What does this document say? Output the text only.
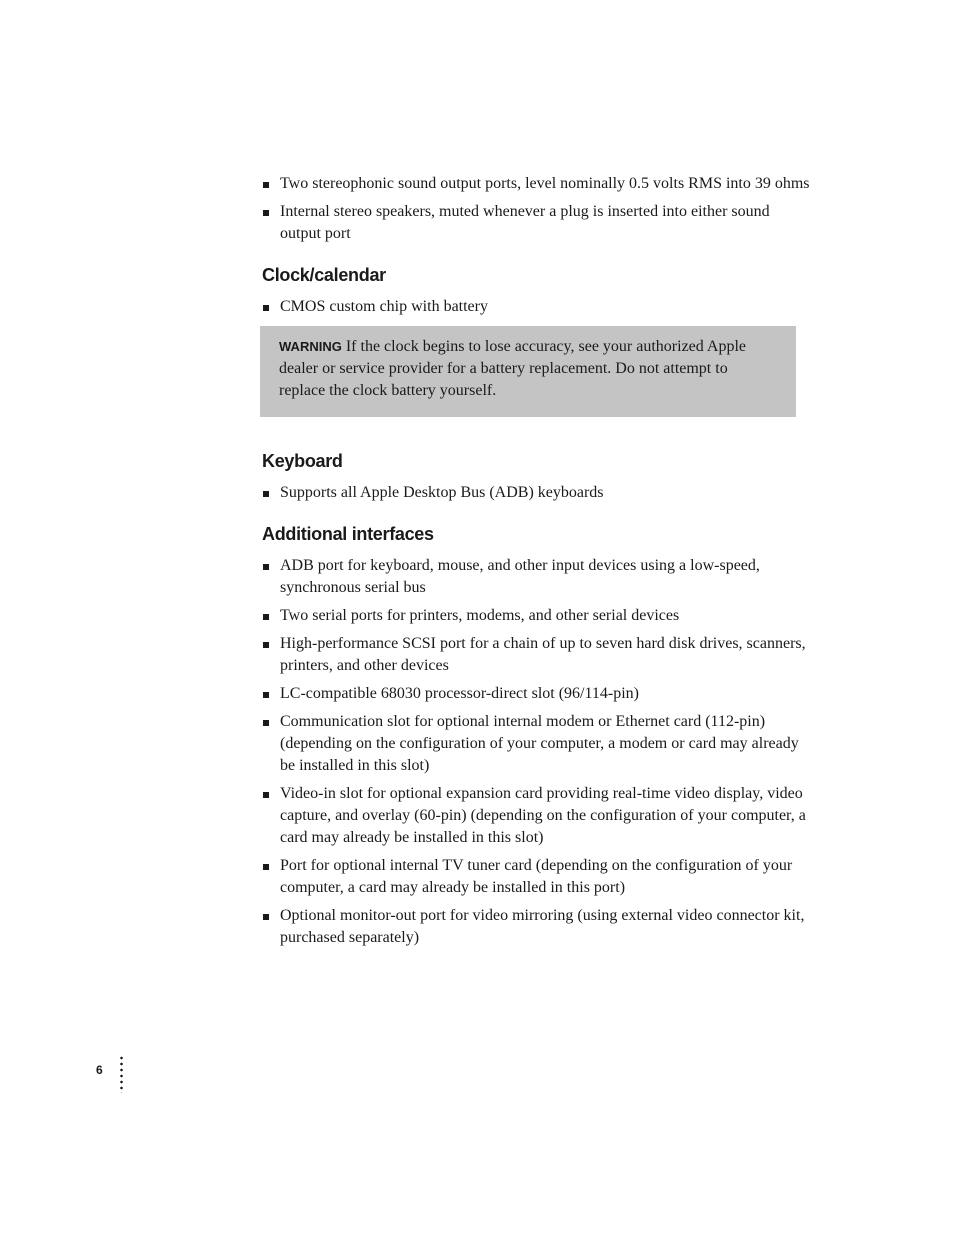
Two stereophonic sound output ports, level nominally 0.5 volts RMS into 39 ohms
Internal stereo speakers, muted whenever a plug is inserted into either sound output port
Clock/calendar
CMOS custom chip with battery
WARNING If the clock begins to lose accuracy, see your authorized Apple dealer or service provider for a battery replacement. Do not attempt to replace the clock battery yourself.
Keyboard
Supports all Apple Desktop Bus (ADB) keyboards
Additional interfaces
ADB port for keyboard, mouse, and other input devices using a low-speed, synchronous serial bus
Two serial ports for printers, modems, and other serial devices
High-performance SCSI port for a chain of up to seven hard disk drives, scanners, printers, and other devices
LC-compatible 68030 processor-direct slot (96/114-pin)
Communication slot for optional internal modem or Ethernet card (112-pin) (depending on the configuration of your computer, a modem or card may already be installed in this slot)
Video-in slot for optional expansion card providing real-time video display, video capture, and overlay (60-pin) (depending on the configuration of your computer, a card may already be installed in this slot)
Port for optional internal TV tuner card (depending on the configuration of your computer, a card may already be installed in this port)
Optional monitor-out port for video mirroring (using external video connector kit, purchased separately)
6
